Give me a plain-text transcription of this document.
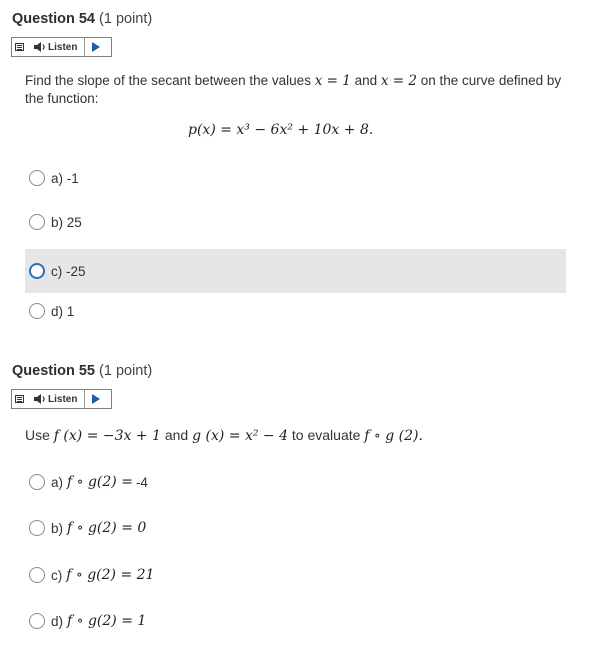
Question 54 (1 point)
Listen
Find the slope of the secant between the values x = 1 and x = 2 on the curve defined by the function:
p(x) = x³ − 6x² + 10x + 8.
a)
-1
b)
25
c)
-25
d)
1
Question 55 (1 point)
Listen
Use f (x) = −3x + 1 and g (x) = x² − 4 to evaluate f ∘ g (2).
a) f ∘ g(2) = -4
b) f ∘ g(2) = 0
c) f ∘ g(2) = 21
d) f ∘ g(2) = 1
